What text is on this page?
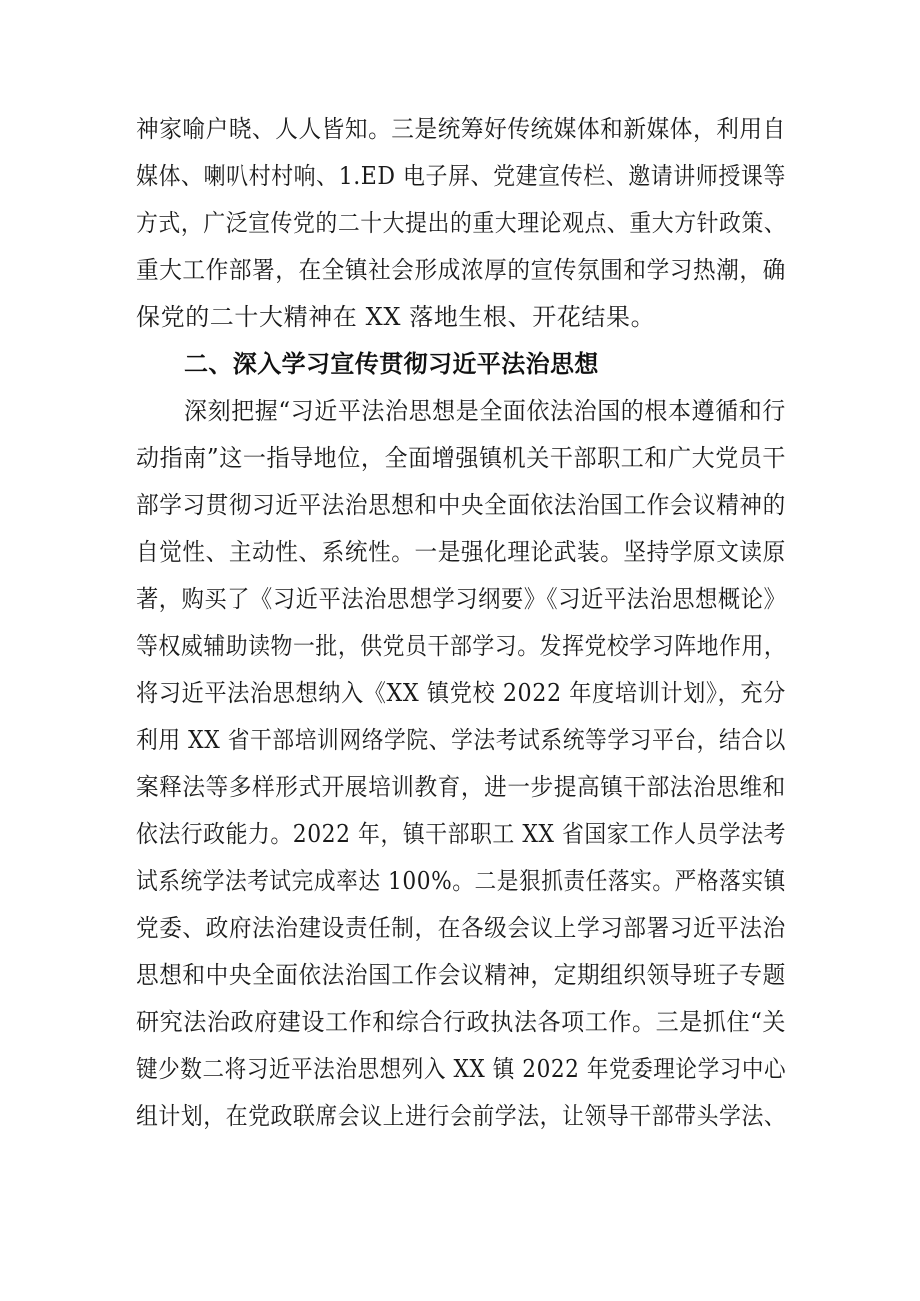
神家喻户晓、人人皆知。三是统筹好传统媒体和新媒体，利用自
媒体、喇叭村村响、1.ED 电子屏、党建宣传栏、邀请讲师授课等
方式，广泛宣传党的二十大提出的重大理论观点、重大方针政策、
重大工作部署，在全镇社会形成浓厚的宣传氛围和学习热潮，确
保党的二十大精神在 XX 落地生根、开花结果。
二、深入学习宣传贯彻习近平法治思想
深刻把握“习近平法治思想是全面依法治国的根本遵循和行
动指南”这一指导地位，全面增强镇机关干部职工和广大党员干
部学习贯彻习近平法治思想和中央全面依法治国工作会议精神的
自觉性、主动性、系统性。一是强化理论武装。坚持学原文读原
著，购买了《习近平法治思想学习纲要》《习近平法治思想概论》
等权威辅助读物一批，供党员干部学习。发挥党校学习阵地作用，
将习近平法治思想纳入《XX 镇党校 2022 年度培训计划》，充分
利用 XX 省干部培训网络学院、学法考试系统等学习平台，结合以
案释法等多样形式开展培训教育，进一步提高镇干部法治思维和
依法行政能力。2022 年，镇干部职工 XX 省国家工作人员学法考
试系统学法考试完成率达 100%。二是狠抓责任落实。严格落实镇
党委、政府法治建设责任制，在各级会议上学习部署习近平法治
思想和中央全面依法治国工作会议精神，定期组织领导班子专题
研究法治政府建设工作和综合行政执法各项工作。三是抓住“关
键少数二将习近平法治思想列入 XX 镇 2022 年党委理论学习中心
组计划，在党政联席会议上进行会前学法，让领导干部带头学法、
